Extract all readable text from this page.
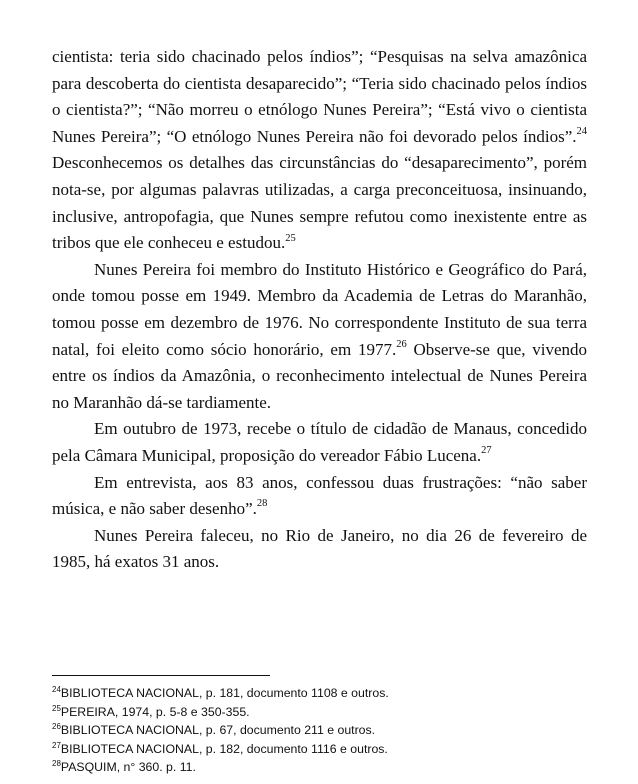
cientista: teria sido chacinado pelos índios”; “Pesquisas na selva amazônica para descoberta do cientista desaparecido”; “Teria sido chacinado pelos índios o cientista?”; “Não morreu o etnólogo Nunes Pereira”; “Está vivo o cientista Nunes Pereira”; “O etnólogo Nunes Pereira não foi devorado pelos índios”.$^{24}$ Desconhecemos os detalhes das circunstâncias do “desaparecimento”, porém nota-se, por algumas palavras utilizadas, a carga preconceituosa, insinuando, inclusive, antropofagia, que Nunes sempre refutou como inexistente entre as tribos que ele conheceu e estudou.$^{25}$

Nunes Pereira foi membro do Instituto Histórico e Geográfico do Pará, onde tomou posse em 1949. Membro da Academia de Letras do Maranhão, tomou posse em dezembro de 1976. No correspondente Instituto de sua terra natal, foi eleito como sócio honorário, em 1977.26 Observe-se que, vivendo entre os índios da Amazônia, o reconhecimento intelectual de Nunes Pereira no Maranhão dá-se tardiamente.

Em outubro de 1973, recebe o título de cidadão de Manaus, concedido pela Câmara Municipal, proposição do vereador Fábio Lucena.$^{27}$

Em entrevista, aos 83 anos, confessou duas frustrações: “não saber música, e não saber desenho”.$^{28}$

Nunes Pereira faleceu, no Rio de Janeiro, no dia 26 de fevereiro de 1985, há exatos 31 anos.

$^{24}$BIBLIOTECA NACIONAL, p. 181, documento 1108 e outros.
$^{25}$PEREIRA, 1974, p. 5-8 e 350-355.
$^{26}$BIBLIOTECA NACIONAL, p. 67, documento 211 e outros.
$^{27}$BIBLIOTECA NACIONAL, p. 182, documento 1116 e outros.
$^{28}$PASQUIM, n° 360. p. 11.
